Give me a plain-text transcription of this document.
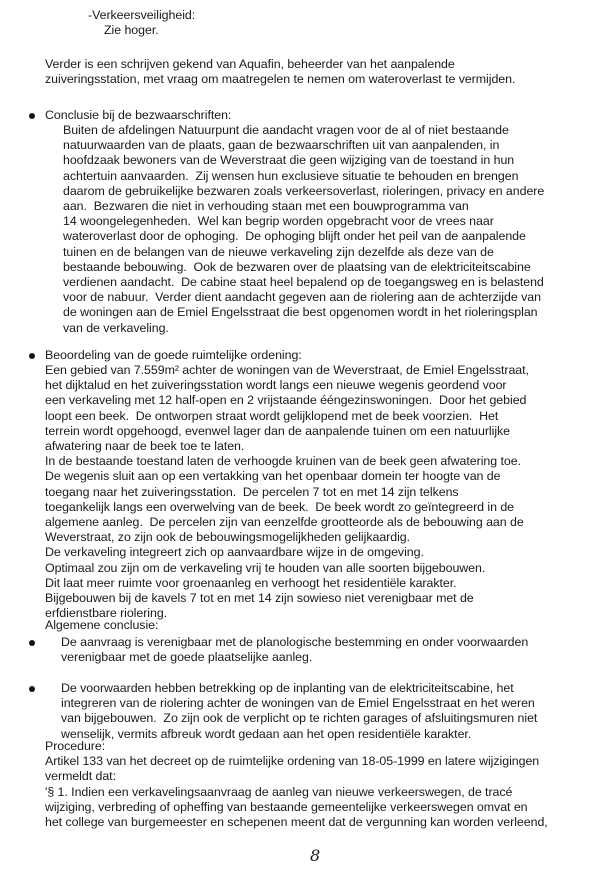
-Verkeersveiligheid:
Zie hoger.
Verder is een schrijven gekend van Aquafin, beheerder van het aanpalende
zuiveringsstation, met vraag om maatregelen te nemen om wateroverlast te vermijden.
Conclusie bij de bezwaarschriften:
Buiten de afdelingen Natuurpunt die aandacht vragen voor de al of niet bestaande
natuurwaarden van de plaats, gaan de bezwaarschriften uit van aanpalenden, in
hoofdzaak bewoners van de Weverstraat die geen wijziging van de toestand in hun
achtertuin aanvaarden.  Zij wensen hun exclusieve situatie te behouden en brengen
daarom de gebruikelijke bezwaren zoals verkeersoverlast, rioleringen, privacy en andere
aan.  Bezwaren die niet in verhouding staan met een bouwprogramma van
14 woongelegenheden.  Wel kan begrip worden opgebracht voor de vrees naar
wateroverlast door de ophoging.  De ophoging blijft onder het peil van de aanpalende
tuinen en de belangen van de nieuwe verkaveling zijn dezelfde als deze van de
bestaande bebouwing.  Ook de bezwaren over de plaatsing van de elektriciteitscabine
verdienen aandacht.  De cabine staat heel bepalend op de toegangsweg en is belastend
voor de nabuur.  Verder dient aandacht gegeven aan de riolering aan de achterzijde van
de woningen aan de Emiel Engelsstraat die best opgenomen wordt in het rioleringsplan
van de verkaveling.
Beoordeling van de goede ruimtelijke ordening:
Een gebied van 7.559m² achter de woningen van de Weverstraat, de Emiel Engelsstraat,
het dijktalud en het zuiveringsstation wordt langs een nieuwe wegenis geordend voor
een verkaveling met 12 half-open en 2 vrijstaande ééngezinswoningen.  Door het gebied
loopt een beek.  De ontworpen straat wordt gelijklopend met de beek voorzien.  Het
terrein wordt opgehoogd, evenwel lager dan de aanpalende tuinen om een natuurlijke
afwatering naar de beek toe te laten.
In de bestaande toestand laten de verhoogde kruinen van de beek geen afwatering toe.
De wegenis sluit aan op een vertakking van het openbaar domein ter hoogte van de
toegang naar het zuiveringsstation.  De percelen 7 tot en met 14 zijn telkens
toegankelijk langs een overwelving van de beek.  De beek wordt zo geïntegreerd in de
algemene aanleg.  De percelen zijn van eenzelfde grootteorde als de bebouwing aan de
Weverstraat, zo zijn ook de bebouwingsmogelijkheden gelijkaardig.
De verkaveling integreert zich op aanvaardbare wijze in de omgeving.
Optimaal zou zijn om de verkaveling vrij te houden van alle soorten bijgebouwen.
Dit laat meer ruimte voor groenaanleg en verhoogt het residentiële karakter.
Bijgebouwen bij de kavels 7 tot en met 14 zijn sowieso niet verenigbaar met de
erfdienstbare riolering.
Algemene conclusie:
De aanvraag is verenigbaar met de planologische bestemming en onder voorwaarden
verenigbaar met de goede plaatselijke aanleg.
De voorwaarden hebben betrekking op de inplanting van de elektriciteitscabine, het
integreren van de riolering achter de woningen van de Emiel Engelsstraat en het weren
van bijgebouwen.  Zo zijn ook de verplicht op te richten garages of afsluitingsmuren niet
wenselijk, vermits afbreuk wordt gedaan aan het open residentiële karakter.
Procedure:
Artikel 133 van het decreet op de ruimtelijke ordening van 18-05-1999 en latere wijzigingen
vermeldt dat:
'§ 1. Indien een verkavelingsaanvraag de aanleg van nieuwe verkeerswegen, de tracé
wijziging, verbreding of opheffing van bestaande gemeentelijke verkeerswegen omvat en
het college van burgemeester en schepenen meent dat de vergunning kan worden verleend,
8
